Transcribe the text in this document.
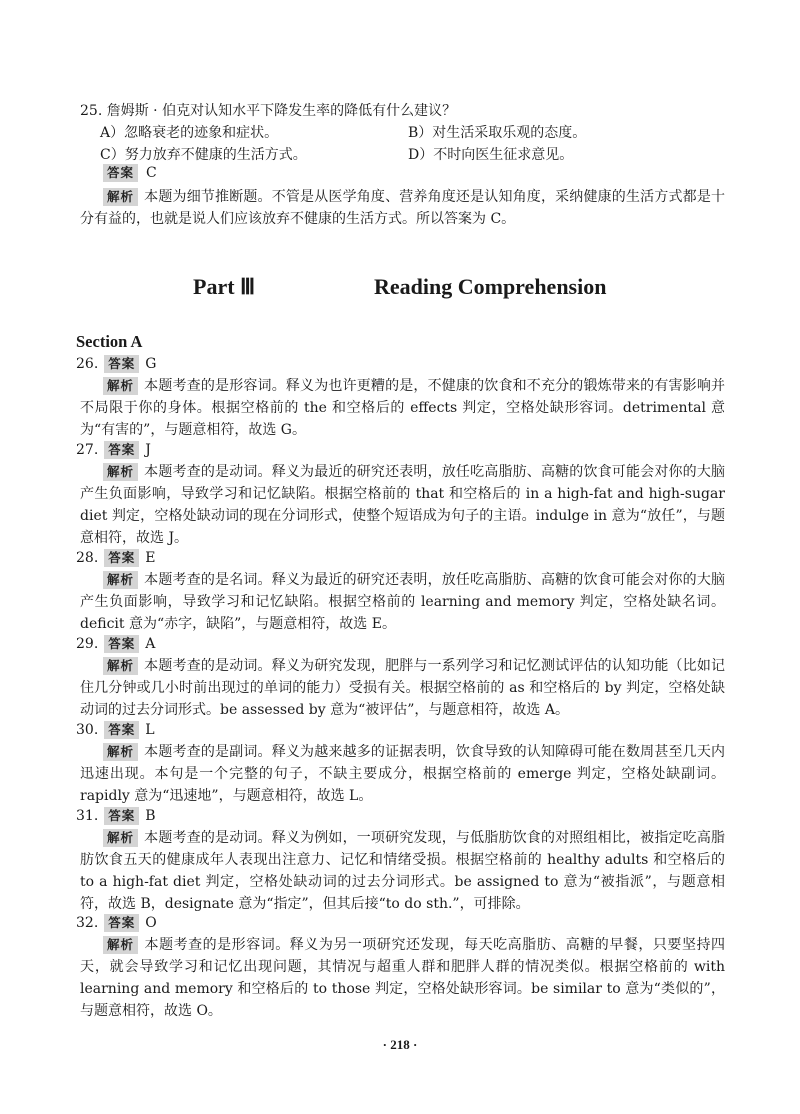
25. 詹姆斯 · 伯克对认知水平下降发生率的降低有什么建议？
A）忽略衰老的迹象和症状。	B）对生活采取乐观的态度。
C）努力放弃不健康的生活方式。	D）不时向医生征求意见。
答案 C
解析 本题为细节推断题。不管是从医学角度、营养角度还是认知角度，采纳健康的生活方式都是十分有益的，也就是说人们应该放弃不健康的生活方式。所以答案为 C。
Part Ⅲ	Reading Comprehension
Section A
26. 答案 G
解析 本题考查的是形容词。释义为也许更糟的是，不健康的饮食和不充分的锻炼带来的有害影响并不局限于你的身体。根据空格前的 the 和空格后的 effects 判定，空格处缺形容词。detrimental 意为“有害的”，与题意相符，故选 G。
27. 答案 J
解析 本题考查的是动词。释义为最近的研究还表明，放任吃高脂肪、高糖的饮食可能会对你的大脑产生负面影响，导致学习和记忆缺陷。根据空格前的 that 和空格后的 in a high-fat and high-sugar diet 判定，空格处缺动词的现在分词形式，使整个短语成为句子的主语。indulge in 意为“放任”，与题意相符，故选 J。
28. 答案 E
解析 本题考查的是名词。释义为最近的研究还表明，放任吃高脂肪、高糖的饮食可能会对你的大脑产生负面影响，导致学习和记忆缺陷。根据空格前的 learning and memory 判定，空格处缺名词。deficit 意为“赤字，缺陷”，与题意相符，故选 E。
29. 答案 A
解析 本题考查的是动词。释义为研究发现，肥胖与一系列学习和记忆测试评估的认知功能（比如记住几分钟或几小时前出现过的单词的能力）受损有关。根据空格前的 as 和空格后的 by 判定，空格处缺动词的过去分词形式。be assessed by 意为“被评估”，与题意相符，故选 A。
30. 答案 L
解析 本题考查的是副词。释义为越来越多的证据表明，饮食导致的认知障碍可能在数周甚至几天内迅速出现。本句是一个完整的句子，不缺主要成分，根据空格前的 emerge 判定，空格处缺副词。rapidly 意为“迅速地”，与题意相符，故选 L。
31. 答案 B
解析 本题考查的是动词。释义为例如，一项研究发现，与低脂肪饮食的对照组相比，被指定吃高脂肪饮食五天的健康成年人表现出注意力、记忆和情绪受损。根据空格前的 healthy adults 和空格后的 to a high-fat diet 判定，空格处缺动词的过去分词形式。be assigned to 意为“被指派”，与题意相符，故选 B，designate 意为“指定”，但其后接“to do sth.”，可排除。
32. 答案 O
解析 本题考查的是形容词。释义为另一项研究还发现，每天吃高脂肪、高糖的早餐，只要坚持四天，就会导致学习和记忆出现问题，其情况与超重人群和肥胖人群的情况类似。根据空格前的 with learning and memory 和空格后的 to those 判定，空格处缺形容词。be similar to 意为“类似的”，与题意相符，故选 O。
· 218 ·
